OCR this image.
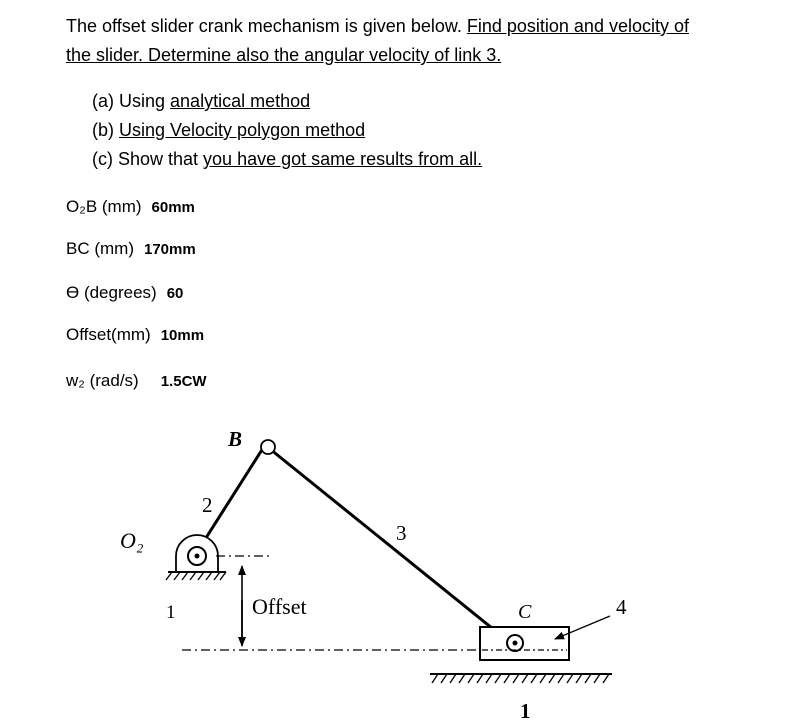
The offset slider crank mechanism is given below. Find position and velocity of
the slider. Determine also the angular velocity of link 3.
(a) Using analytical method
(b) Using Velocity polygon method
(c) Show that you have got same results from all.
O₂B (mm) 60mm
BC (mm) 170mm
ϴ (degrees) 60
Offset(mm) 10mm
w₂ (rad/s) 1.5CW
B
2
3
O₂
1	Offset	C	4
1
